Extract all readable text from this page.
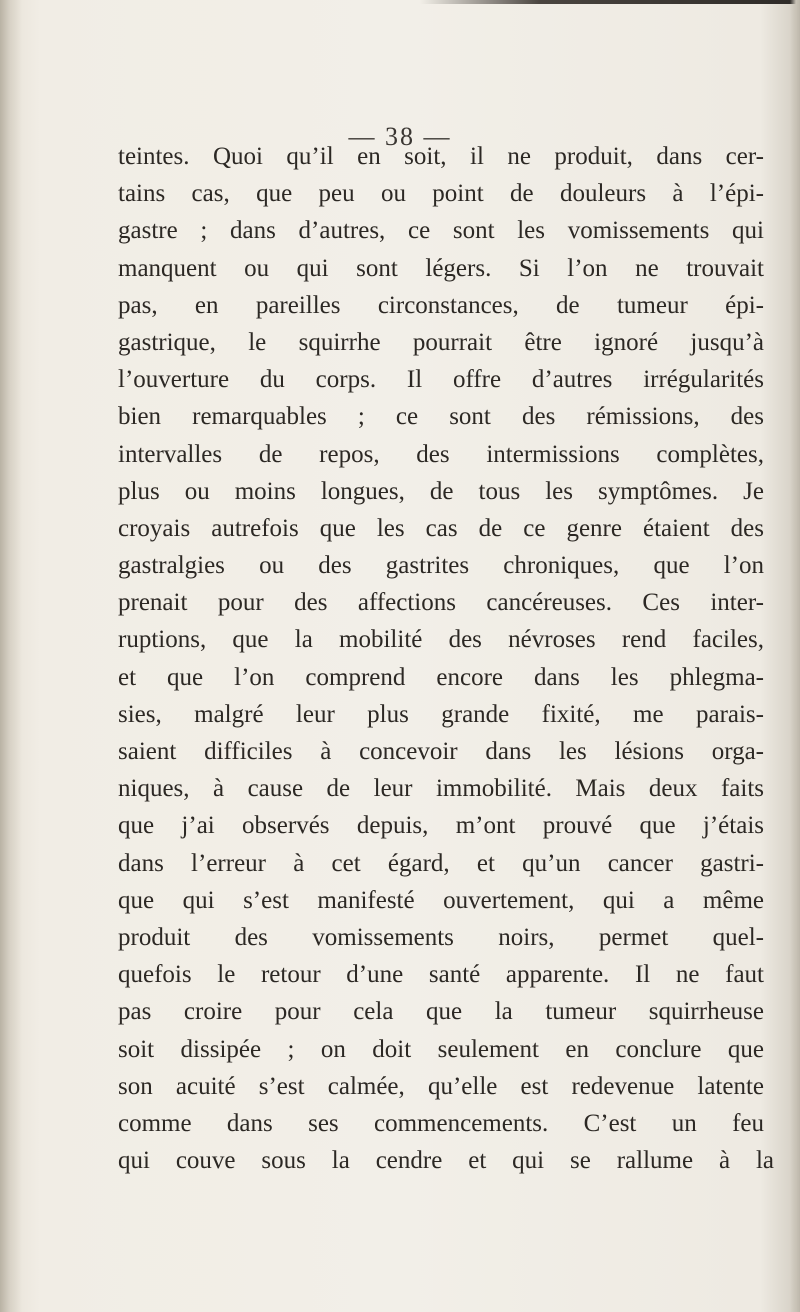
— 38 —
teintes. Quoi qu’il en soit, il ne produit, dans cer-
tains cas, que peu ou point de douleurs à l’épi-
gastre ; dans d’autres, ce sont les vomissements qui
manquent ou qui sont légers. Si l’on ne trouvait
pas, en pareilles circonstances, de tumeur épi-
gastrique, le squirrhe pourrait être ignoré jusqu’à
l’ouverture du corps. Il offre d’autres irrégularités
bien remarquables ; ce sont des rémissions, des
intervalles de repos, des intermissions complètes,
plus ou moins longues, de tous les symptômes. Je
croyais autrefois que les cas de ce genre étaient des
gastralgies ou des gastrites chroniques, que l’on
prenait pour des affections cancéreuses. Ces inter-
ruptions, que la mobilité des névroses rend faciles,
et que l’on comprend encore dans les phlegma-
sies, malgré leur plus grande fixité, me parais-
saient difficiles à concevoir dans les lésions orga-
niques, à cause de leur immobilité. Mais deux faits
que j’ai observés depuis, m’ont prouvé que j’étais
dans l’erreur à cet égard, et qu’un cancer gastri-
que qui s’est manifesté ouvertement, qui a même
produit des vomissements noirs, permet quel-
quefois le retour d’une santé apparente. Il ne faut
pas croire pour cela que la tumeur squirrheuse
soit dissipée ; on doit seulement en conclure que
son acuité s’est calmée, qu’elle est redevenue latente
comme dans ses commencements. C’est un feu
qui couve sous la cendre et qui se rallume à la
